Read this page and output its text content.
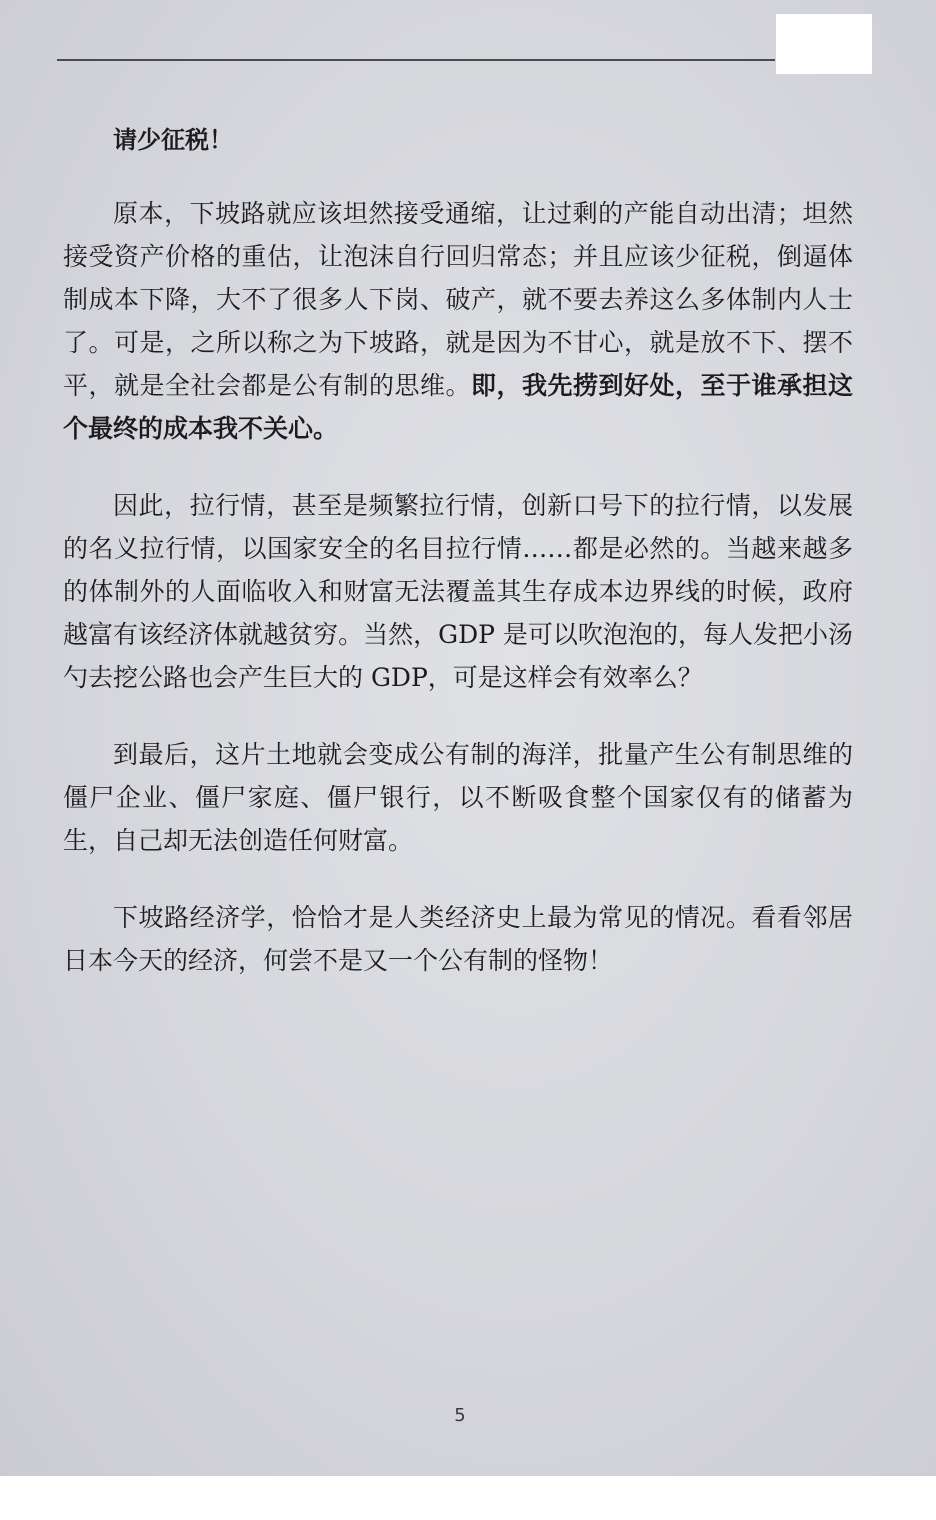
请少征税！

原本，下坡路就应该坦然接受通缩，让过剩的产能自动出清；坦然接受资产价格的重估，让泡沫自行回归常态；并且应该少征税，倒逼体制成本下降，大不了很多人下岗、破产，就不要去养这么多体制内人士了。可是，之所以称之为下坡路，就是因为不甘心，就是放不下、摆不平，就是全社会都是公有制的思维。即，我先捞到好处，至于谁承担这个最终的成本我不关心。

因此，拉行情，甚至是频繁拉行情，创新口号下的拉行情，以发展的名义拉行情，以国家安全的名目拉行情……都是必然的。当越来越多的体制外的人面临收入和财富无法覆盖其生存成本边界线的时候，政府越富有该经济体就越贫穷。当然，GDP 是可以吹泡泡的，每人发把小汤勺去挖公路也会产生巨大的 GDP，可是这样会有效率么？

到最后，这片土地就会变成公有制的海洋，批量产生公有制思维的僵尸企业、僵尸家庭、僵尸银行，以不断吸食整个国家仅有的储蓄为生，自己却无法创造任何财富。

下坡路经济学，恰恰才是人类经济史上最为常见的情况。看看邻居日本今天的经济，何尝不是又一个公有制的怪物！

5
